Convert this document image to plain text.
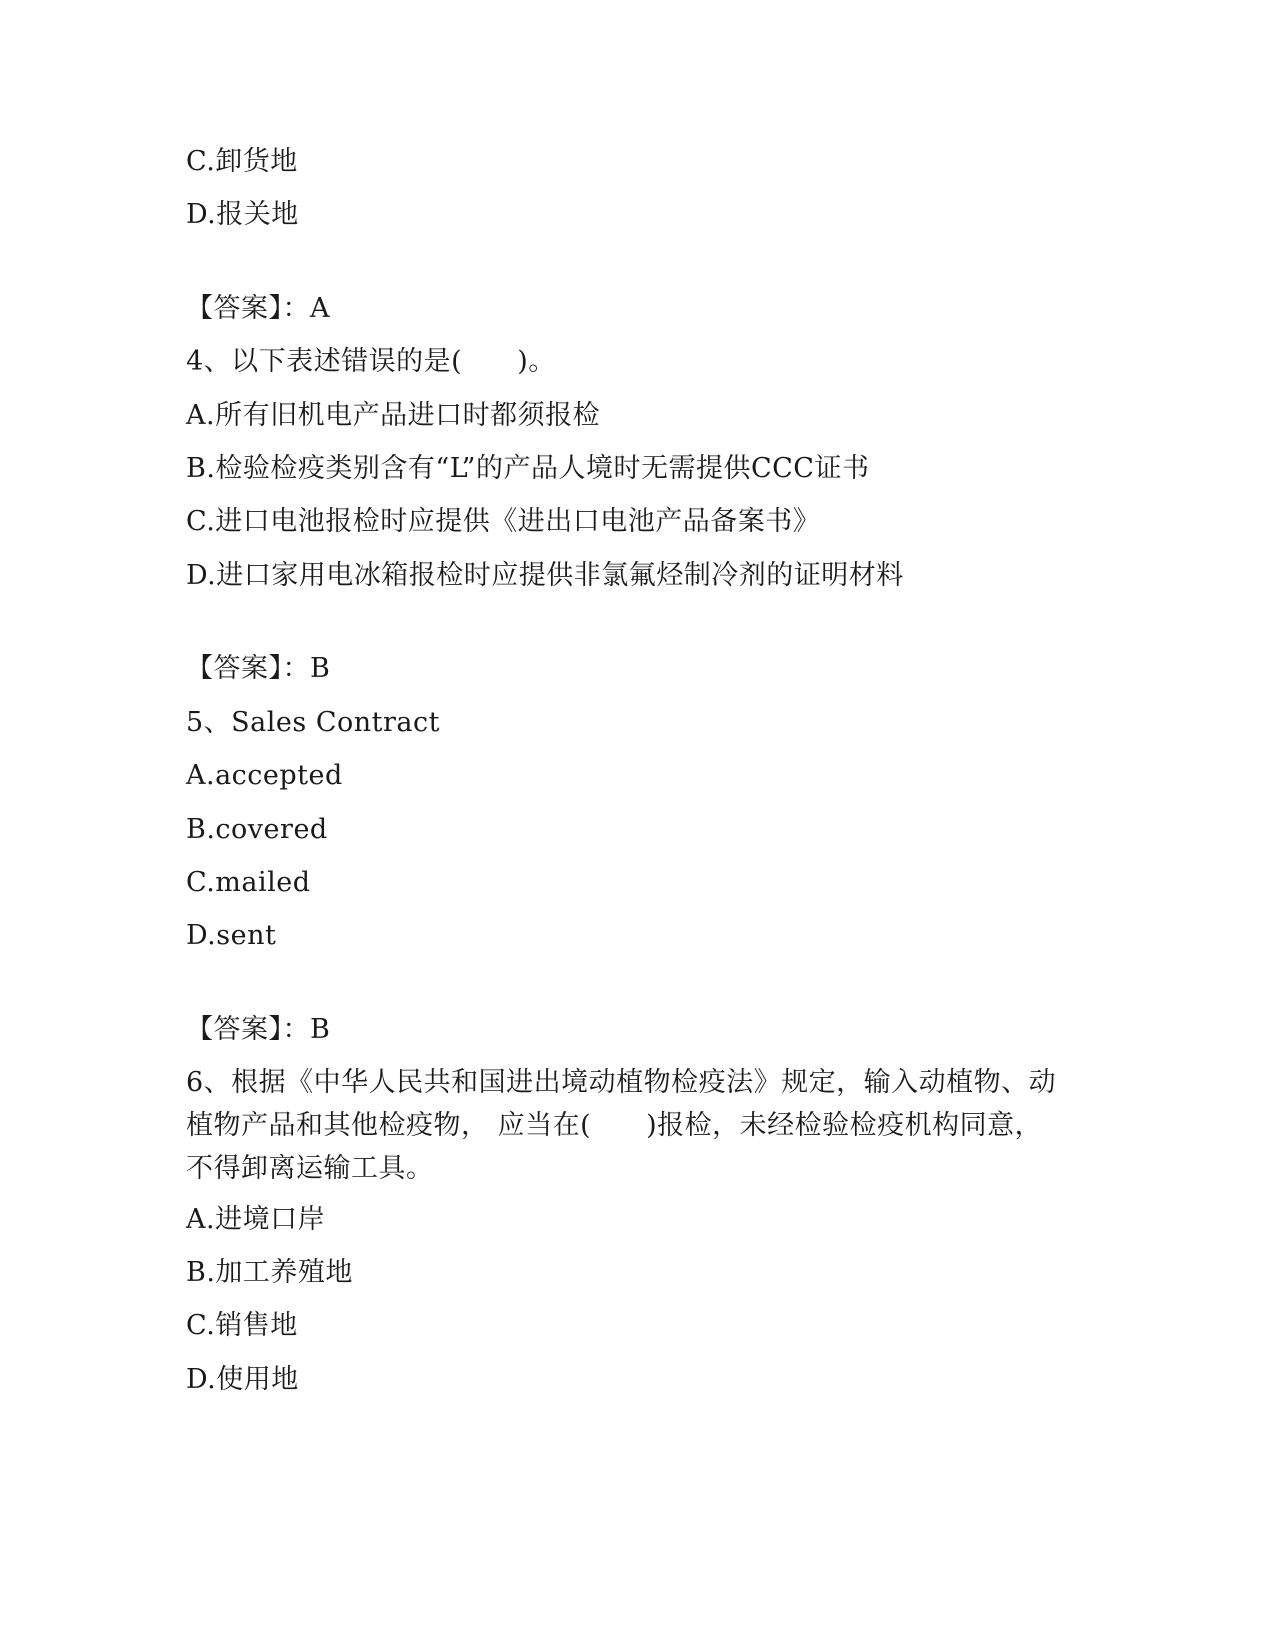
C.卸货地
D.报关地
【答案】：A
4、以下表述错误的是(　　)。
A.所有旧机电产品进口时都须报检
B.检验检疫类别含有“L”的产品人境时无需提供CCC证书
C.进口电池报检时应提供《进出口电池产品备案书》
D.进口家用电冰箱报检时应提供非氯氟烃制冷剂的证明材料
【答案】：B
5、Sales Contract
A.accepted
B.covered
C.mailed
D.sent
【答案】：B
6、根据《中华人民共和国进出境动植物检疫法》规定，输入动植物、动植物产品和其他检疫物， 应当在(　　)报检，未经检验检疫机构同意，不得卸离运输工具。
A.进境口岸
B.加工养殖地
C.销售地
D.使用地
